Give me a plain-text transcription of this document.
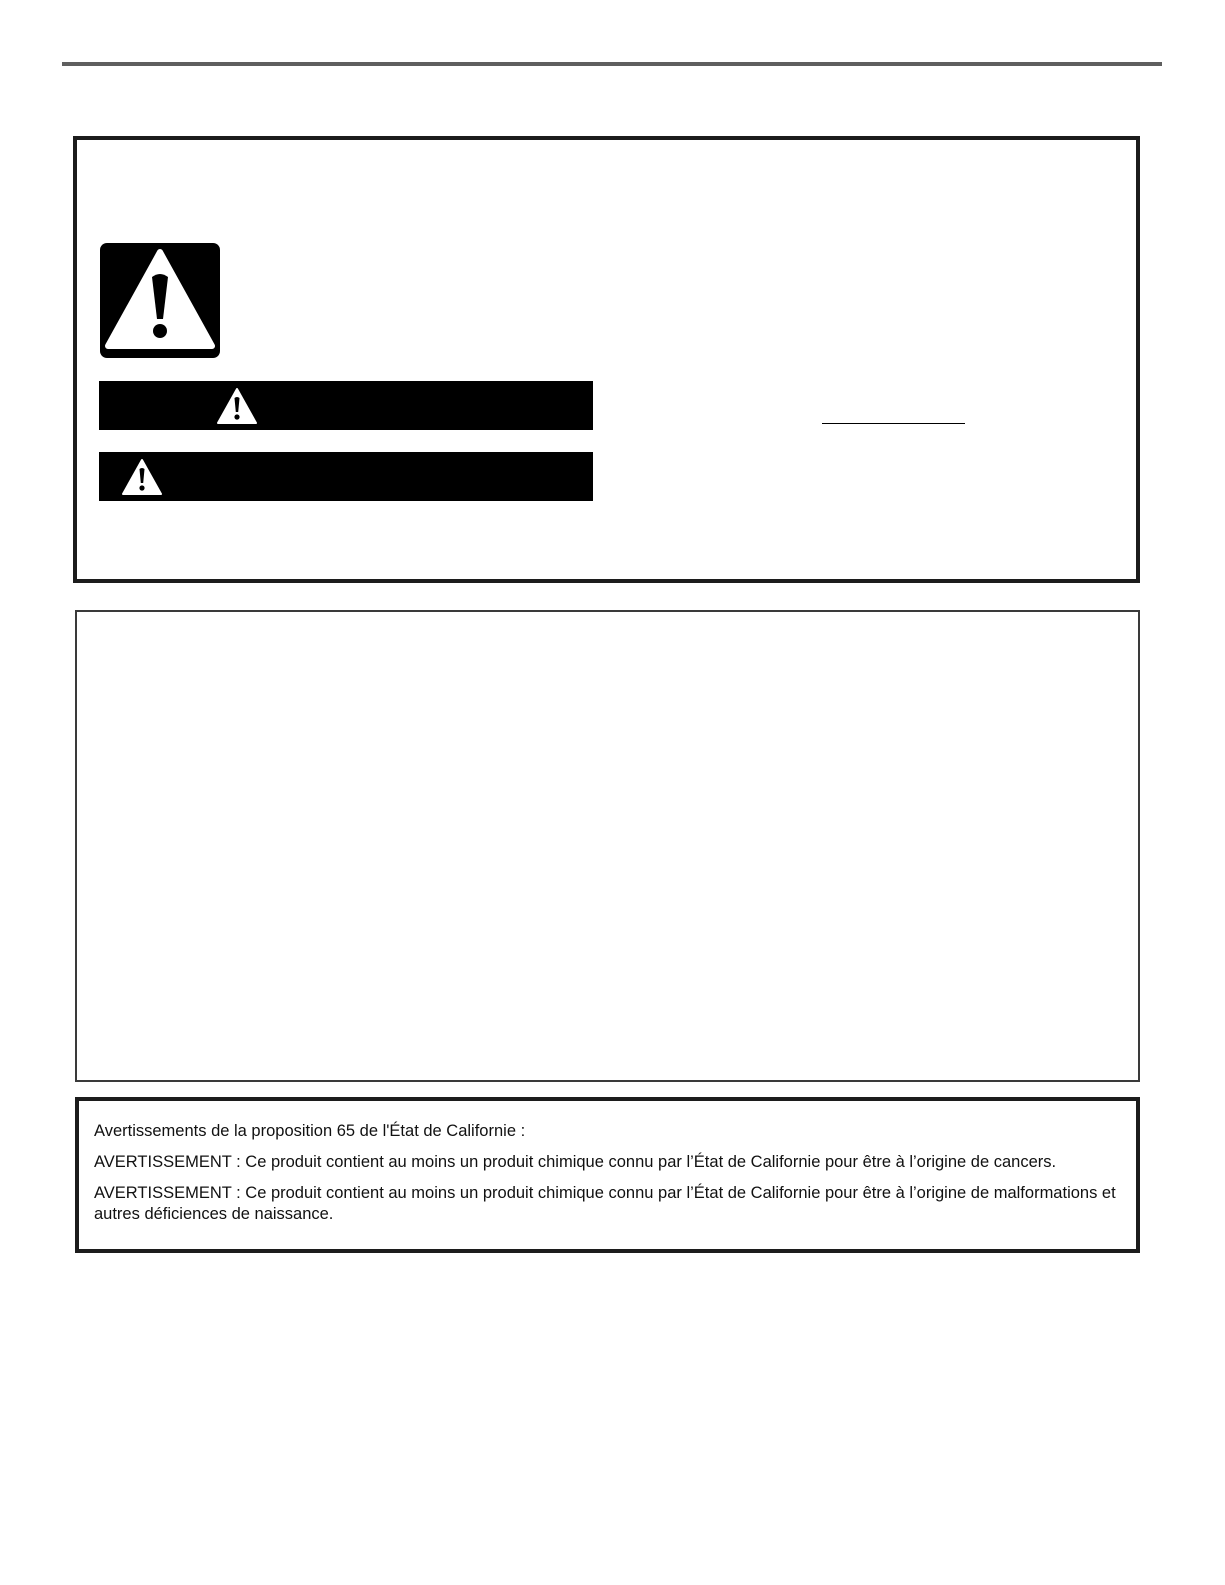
Avertissements de la proposition 65 de l'État de Californie :

AVERTISSEMENT : Ce produit contient au moins un produit chimique connu par l’État de Californie pour être à l’origine de cancers.

AVERTISSEMENT : Ce produit contient au moins un produit chimique connu par l’État de Californie pour être à l’origine de malformations et autres déficiences de naissance.
